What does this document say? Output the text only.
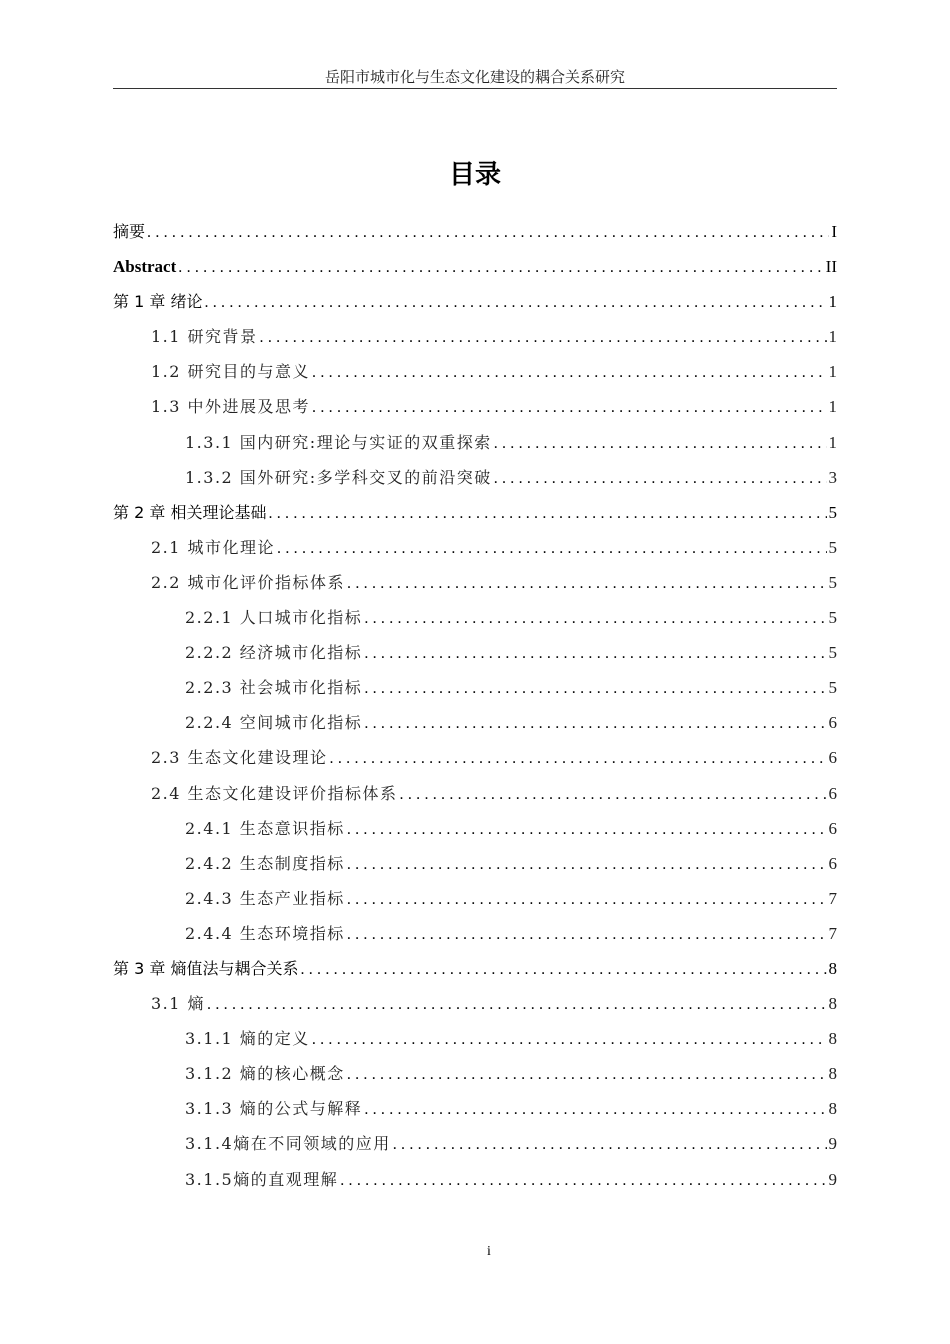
岳阳市城市化与生态文化建设的耦合关系研究
目录
摘要 .....	I
Abstract .....	II
第 1 章 绪论 .....	1
1.1 研究背景 .....	1
1.2 研究目的与意义 .....	1
1.3 中外进展及思考 .....	1
1.3.1 国内研究:理论与实证的双重探索 .....	1
1.3.2 国外研究:多学科交叉的前沿突破 .....	3
第 2 章 相关理论基础 .....	5
2.1 城市化理论 .....	5
2.2 城市化评价指标体系 .....	5
2.2.1 人口城市化指标 .....	5
2.2.2 经济城市化指标 .....	5
2.2.3 社会城市化指标 .....	5
2.2.4 空间城市化指标 .....	6
2.3 生态文化建设理论 .....	6
2.4 生态文化建设评价指标体系 .....	6
2.4.1 生态意识指标 .....	6
2.4.2 生态制度指标 .....	6
2.4.3 生态产业指标 .....	7
2.4.4 生态环境指标 .....	7
第 3 章 熵值法与耦合关系 .....	8
3.1 熵 .....	8
3.1.1 熵的定义 .....	8
3.1.2 熵的核心概念 .....	8
3.1.3 熵的公式与解释 .....	8
3.1.4熵在不同领域的应用 .....	9
3.1.5熵的直观理解 .....	9
i
